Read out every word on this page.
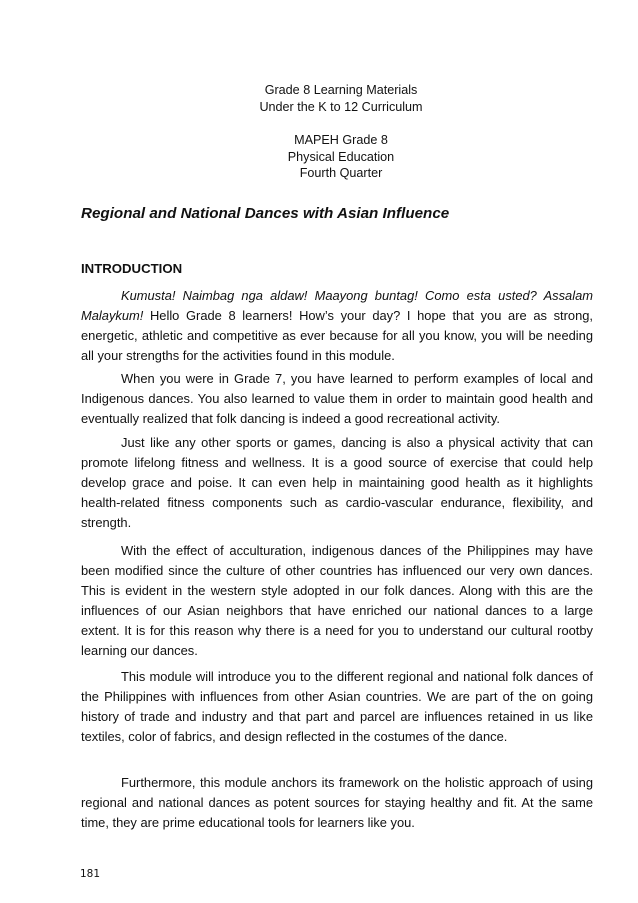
Grade 8 Learning Materials
Under the K to 12 Curriculum
MAPEH Grade 8
Physical Education
Fourth Quarter
Regional and National Dances with Asian Influence
INTRODUCTION

Kumusta! Naimbag nga aldaw! Maayong buntag! Como esta usted? Assalam Malaykum! Hello Grade 8 learners! How’s your day? I hope that you are as strong, energetic, athletic and competitive as ever because for all you know, you will be needing all your strengths for the activities found in this module.

When you were in Grade 7, you have learned to perform examples of local and Indigenous dances. You also learned to value them in order to maintain good health and eventually realized that folk dancing is indeed a good recreational activity.

Just like any other sports or games, dancing is also a physical activity that can promote lifelong fitness and wellness. It is a good source of exercise that could help develop grace and poise. It can even help in maintaining good health as it highlights health-related fitness components such as cardio-vascular endurance, flexibility, and strength.

With the effect of acculturation, indigenous dances of the Philippines may have been modified since the culture of other countries has influenced our very own dances. This is evident in the western style adopted in our folk dances. Along with this are the influences of our Asian neighbors that have enriched our national dances to a large extent. It is for this reason why there is a need for you to understand our cultural rootby learning our dances.

This module will introduce you to the different regional and national folk dances of the Philippines with influences from other Asian countries. We are part of the on going history of trade and industry and that part and parcel are influences retained in us like textiles, color of fabrics, and design reflected in the costumes of the dance.

Furthermore, this module anchors its framework on the holistic approach of using regional and national dances as potent sources for staying healthy and fit. At the same time, they are prime educational tools for learners like you.

181
